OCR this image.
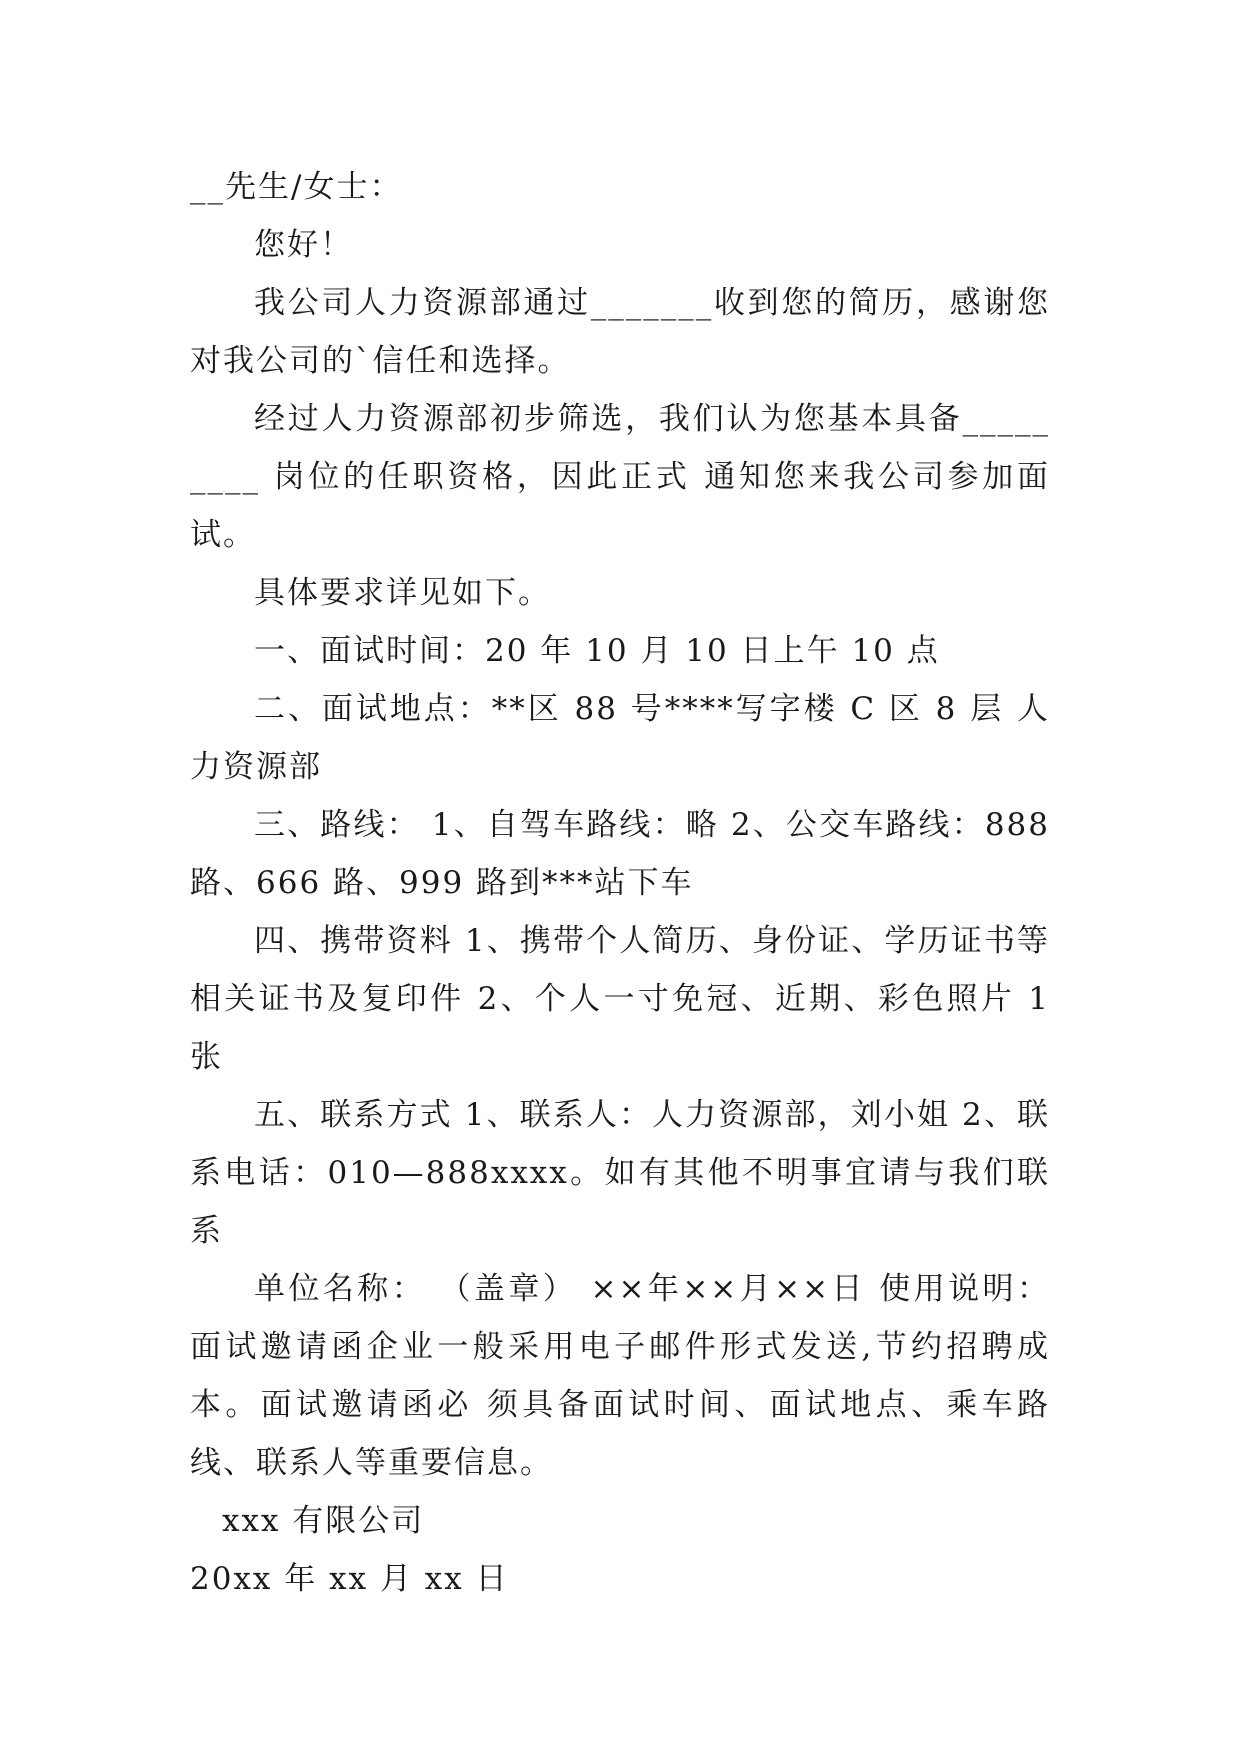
__先生/女士：

您好！

我公司人力资源部通过_______收到您的简历，感谢您对我公司的`信任和选择。

经过人力资源部初步筛选，我们认为您基本具备_________ 岗位的任职资格，因此正式 通知您来我公司参加面试。

具体要求详见如下。

一、面试时间：20 年 10 月 10 日上午 10 点

二、面试地点：**区 88 号****写字楼 C 区 8 层 人力资源部

三、路线： 1、自驾车路线：略 2、公交车路线：888 路、666 路、999 路到***站下车

四、携带资料 1、携带个人简历、身份证、学历证书等相关证书及复印件 2、个人一寸免冠、近期、彩色照片 1 张

五、联系方式 1、联系人：人力资源部，刘小姐 2、联系电话：010—888xxxx。如有其他不明事宜请与我们联系

单位名称： （盖章） ××年××月××日 使用说明：面试邀请函企业一般采用电子邮件形式发送,节约招聘成本。面试邀请函必 须具备面试时间、面试地点、乘车路线、联系人等重要信息。

xxx 有限公司

20xx 年 xx 月 xx 日
